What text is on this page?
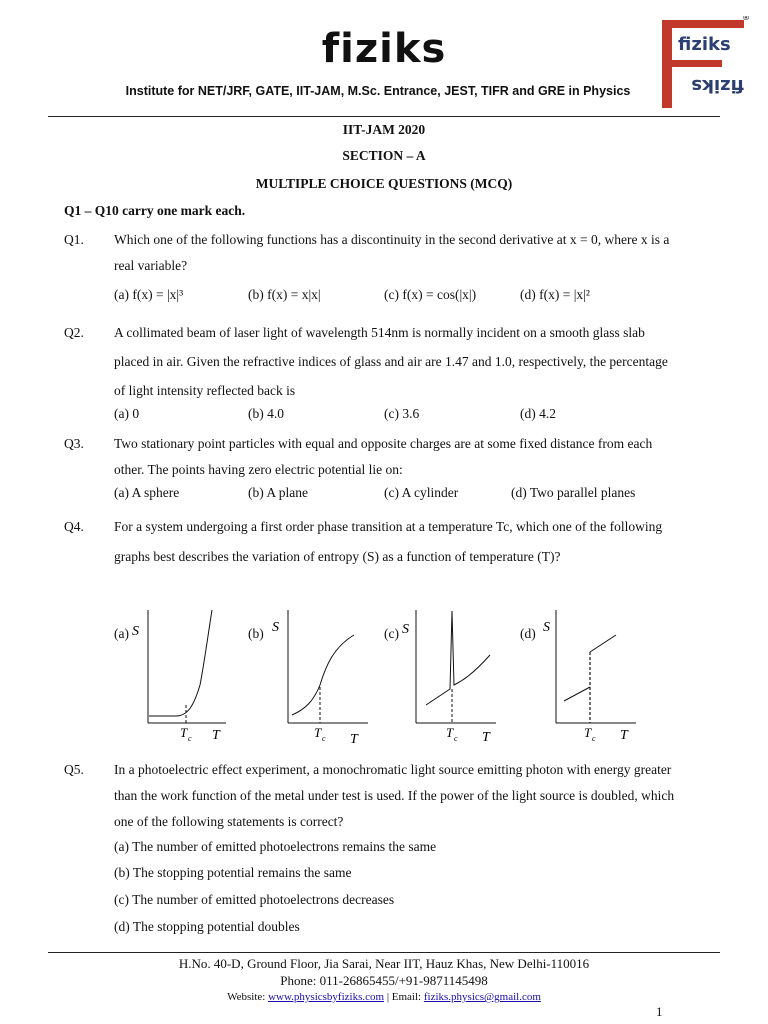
fiziks
Institute for NET/JRF, GATE, IIT-JAM, M.Sc. Entrance, JEST, TIFR and GRE in Physics
fiziks
fiziks
®
IIT-JAM 2020
SECTION – A
MULTIPLE CHOICE QUESTIONS (MCQ)
Q1 – Q10 carry one mark each.
Q1. Which one of the following functions has a discontinuity in the second derivative at x = 0, where x is a real variable?
(a) f(x) = |x|³	(b) f(x) = x|x|	(c) f(x) = cos(|x|)	(d) f(x) = |x|²
Q2. A collimated beam of laser light of wavelength 514nm is normally incident on a smooth glass slab placed in air. Given the refractive indices of glass and air are 1.47 and 1.0, respectively, the percentage of light intensity reflected back is
(a) 0	(b) 4.0	(c) 3.6	(d) 4.2
Q3. Two stationary point particles with equal and opposite charges are at some fixed distance from each other. The points having zero electric potential lie on:
(a) A sphere	(b) A plane	(c) A cylinder	(d) Two parallel planes
Q4. For a system undergoing a first order phase transition at a temperature Tc, which one of the following graphs best describes the variation of entropy (S) as a function of temperature (T)?
(a)	(b)	(c)	(d)
S
T c T
S
T c T
S
T c T
S
T c T
Q5. In a photoelectric effect experiment, a monochromatic light source emitting photon with energy greater than the work function of the metal under test is used. If the power of the light source is doubled, which one of the following statements is correct?
(a) The number of emitted photoelectrons remains the same
(b) The stopping potential remains the same
(c) The number of emitted photoelectrons decreases
(d) The stopping potential doubles
H.No. 40-D, Ground Floor, Jia Sarai, Near IIT, Hauz Khas, New Delhi-110016
Phone: 011-26865455/+91-9871145498
Website: www.physicsbyfiziks.com | Email: fiziks.physics@gmail.com
1
